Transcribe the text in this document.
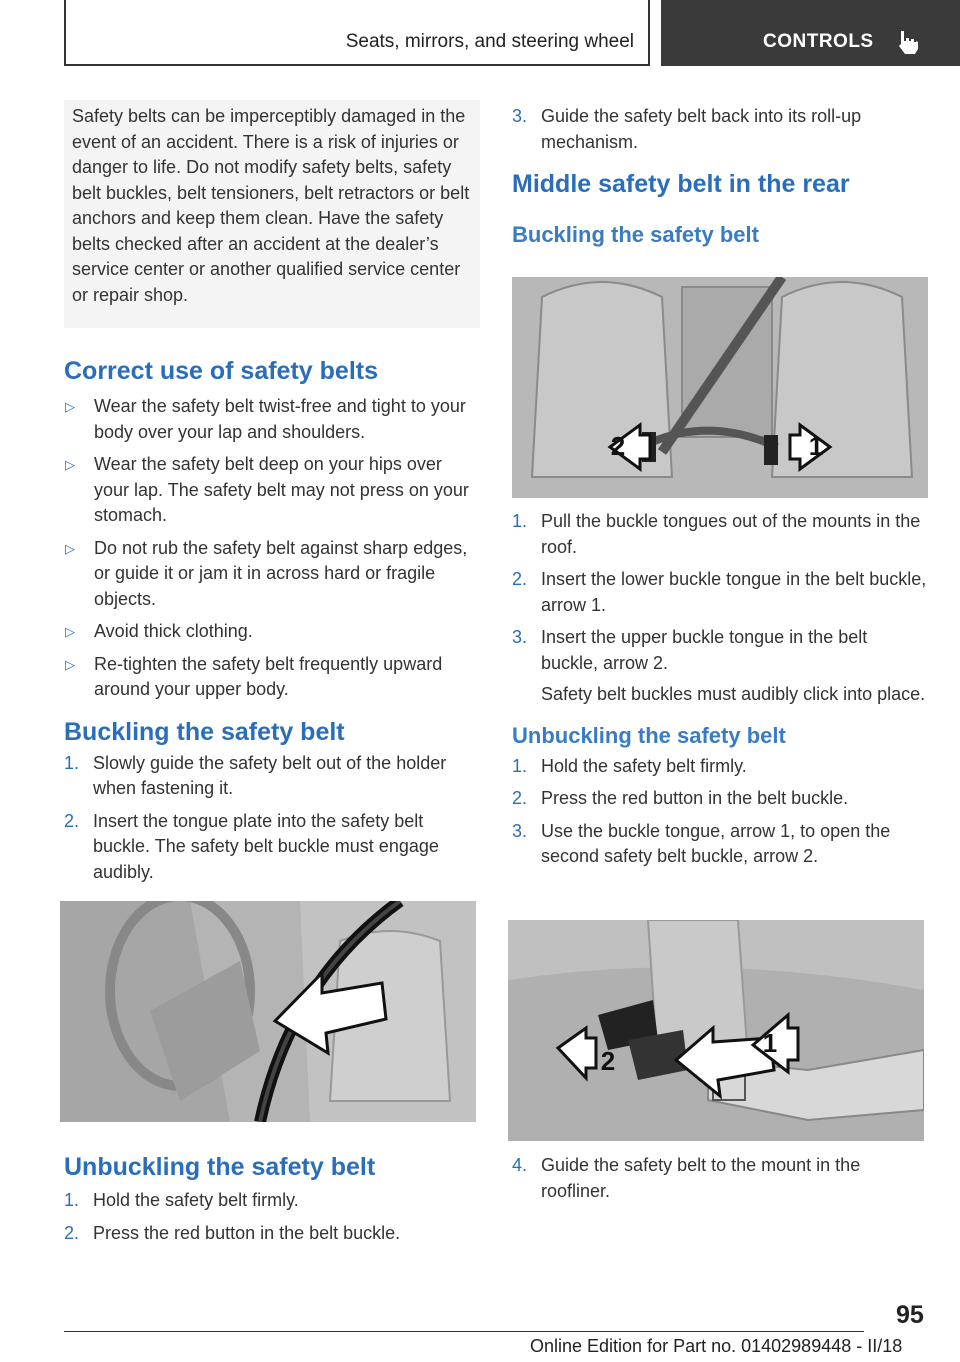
Seats, mirrors, and steering wheel	CONTROLS

Safety belts can be imperceptibly damaged in the event of an accident. There is a risk of injuries or danger to life. Do not modify safety belts, safety belt buckles, belt tensioners, belt retractors or belt anchors and keep them clean. Have the safety belts checked after an accident at the dealer’s service center or another qualified service center or repair shop.

Correct use of safety belts
▷ Wear the safety belt twist-free and tight to your body over your lap and shoulders.
▷ Wear the safety belt deep on your hips over your lap. The safety belt may not press on your stomach.
▷ Do not rub the safety belt against sharp edges, or guide it or jam it in across hard or fragile objects.
▷ Avoid thick clothing.
▷ Re-tighten the safety belt frequently upward around your upper body.
Buckling the safety belt
1. Slowly guide the safety belt out of the holder when fastening it.
2. Insert the tongue plate into the safety belt buckle. The safety belt buckle must engage audibly.
Unbuckling the safety belt
1. Hold the safety belt firmly.
2. Press the red button in the belt buckle.
3. Guide the safety belt back into its roll-up mechanism.
Middle safety belt in the rear
Buckling the safety belt
2	1
1. Pull the buckle tongues out of the mounts in the roof.
2. Insert the lower buckle tongue in the belt buckle, arrow 1.
3. Insert the upper buckle tongue in the belt buckle, arrow 2.
Safety belt buckles must audibly click into place.
Unbuckling the safety belt
1. Hold the safety belt firmly.
2. Press the red button in the belt buckle.
3. Use the buckle tongue, arrow 1, to open the second safety belt buckle, arrow 2.
2
1
4. Guide the safety belt to the mount in the roofliner.
95
Online Edition for Part no. 01402989448 - II/18
